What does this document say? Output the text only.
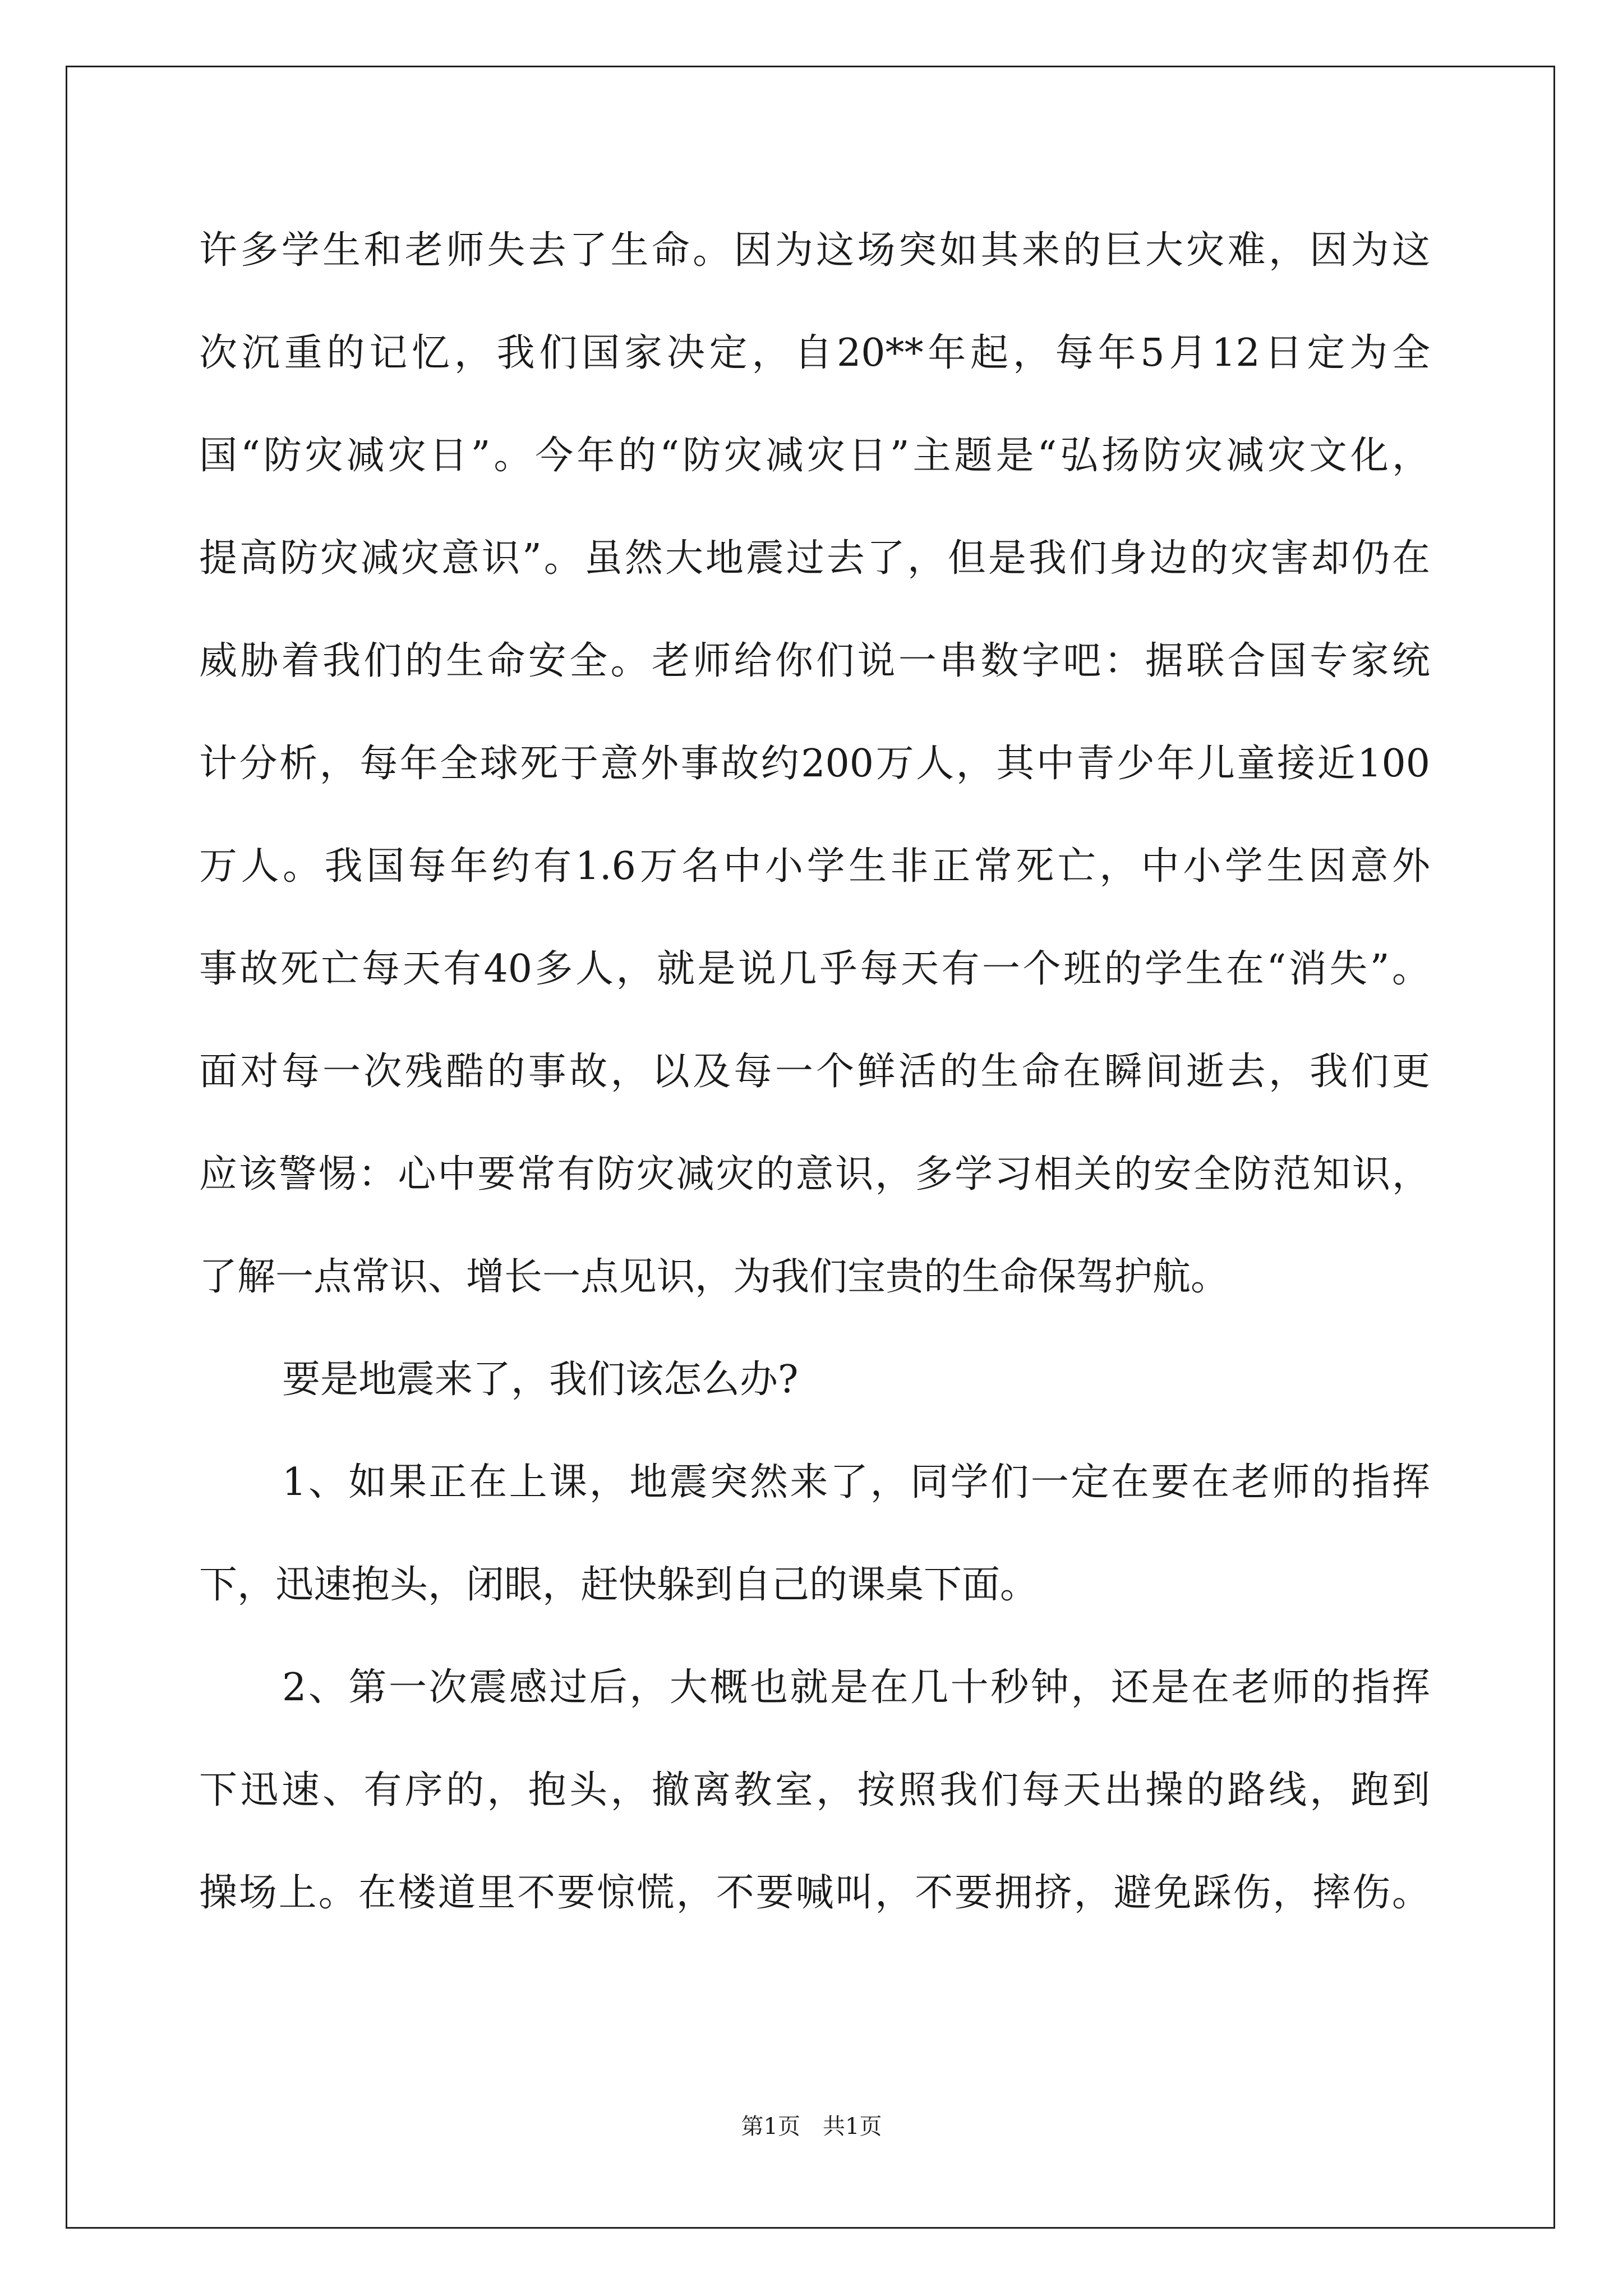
许多学生和老师失去了生命。因为这场突如其来的巨大灾难，因为这
次沉重的记忆，我们国家决定，自20**年起，每年5月12日定为全
国“防灾减灾日”。今年的“防灾减灾日”主题是“弘扬防灾减灾文化，
提高防灾减灾意识”。虽然大地震过去了，但是我们身边的灾害却仍在
威胁着我们的生命安全。老师给你们说一串数字吧：据联合国专家统
计分析，每年全球死于意外事故约200万人，其中青少年儿童接近100
万人。我国每年约有1.6万名中小学生非正常死亡，中小学生因意外
事故死亡每天有40多人，就是说几乎每天有一个班的学生在“消失”。
面对每一次残酷的事故，以及每一个鲜活的生命在瞬间逝去，我们更
应该警惕：心中要常有防灾减灾的意识，多学习相关的安全防范知识，
了解一点常识、增长一点见识，为我们宝贵的生命保驾护航。
要是地震来了，我们该怎么办?
1、如果正在上课，地震突然来了，同学们一定在要在老师的指挥
下，迅速抱头，闭眼，赶快躲到自己的课桌下面。
2、第一次震感过后，大概也就是在几十秒钟，还是在老师的指挥
下迅速、有序的，抱头，撤离教室，按照我们每天出操的路线，跑到
操场上。在楼道里不要惊慌，不要喊叫，不要拥挤，避免踩伤，摔伤。
第1页　共1页
